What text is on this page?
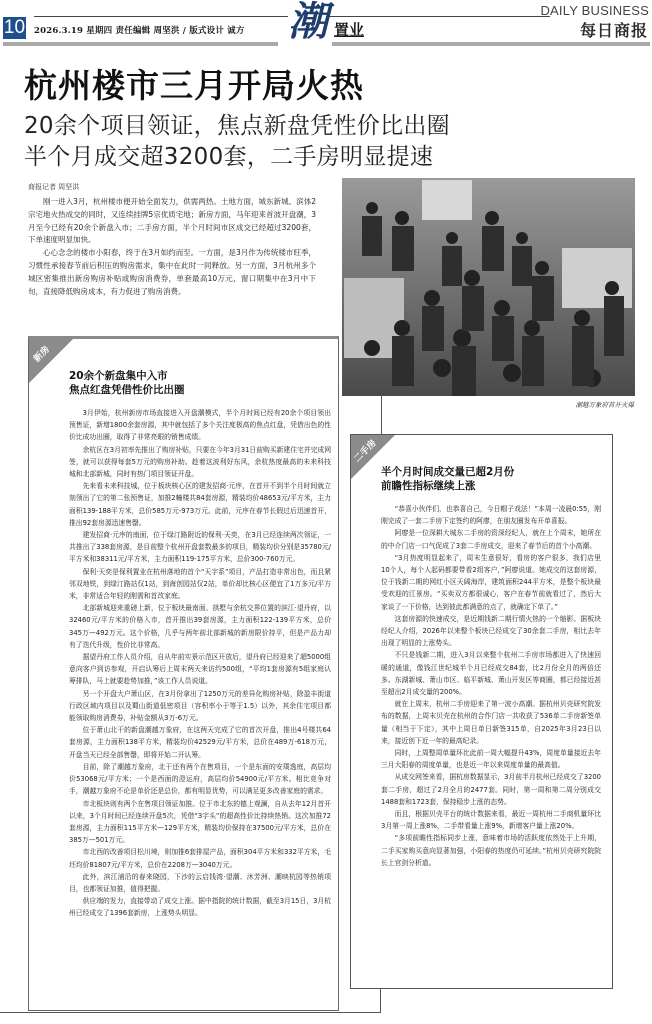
10 2026.3.19 星期四 责任编辑 周坚洪 / 版式设计 诚方 潮 置业
DAILY BUSINESS
每日商报
杭州楼市三月开局火热
20余个项目领证，焦点新盘凭性价比出圈
半个月成交超3200套，二手房明显提速
商报记者 周坚洪

刚一进入3月，杭州楼市便开始全面发力，供需两热。土地方面，城东新城、滨体2宗宅地火热成交的同时，又连续挂牌5宗优质宅地；新房方面，马年迎来首波开盘潮，3月至今已经有20余个新盘入市；二手房方面，半个月时间市区成交已经超过3200套，下单速度明显加快。

心心念念的楼市小阳春，终于在3月如约而至。一方面，是3月作为传统楼市旺季，习惯性承接春节前后积压的购房需求，集中在此时一同释放。另一方面，3月杭州多个城区密集推出新房购房补贴或购房消费券，单套最高10万元，窗口期集中在3月中下旬，直接降低购房成本，有力促进了购房消费。

潮越万象府首开火爆
新房
20余个新盘集中入市
焦点红盘凭借性价比出圈

3月伊始，杭州新房市场直接进入开盘潮模式，半个月时间已经有20余个项目领出预售证，新增1800余套房源，其中就包括了多个关注度极高的焦点红盘，凭借出色的性价比成功出圈，取得了非常亮眼的销售成绩。

余杭区在3月初率先推出了购房补贴，只要在今年3月31日前购买新建住宅并完成网签，就可以获得每套5万元的购房补助。趁着这波利好东风，余杭热度最高的未来科技城和北部新城，同时有热门项目领证开盘。

先来看未来科技城，位于板块核心区的建发招商·元序，在首开不到半个月时间就立刻领出了它的第二张预售证，加推2幢楼共84套房源，精装均价48653元/平方米，主力面积139-188平方米，总价585万元-973万元。此前，元序在春节长假过后迅速首开，推出92套房源迅速售罄。

建发招商·元序的南面，位于绿汀路附近的保利·天奕，在3月已经连续两次领证，一共推出了338套房源，是目前整个杭州开盘套数最多的项目，精装均价分别是35780元/平方米和38311元/平方米，主力面积119-175平方米，总价300-760万元。

保利·天奕是保利置业在杭州落地的首个“天字系”项目，产品打造非常出色，而且紧邻双地铁，到绿汀路站仅1站，到海创园站仅2站，单价却比核心区便宜了1万多元/平方米，非常适合年轻的刚需和首改家庭。

北部新城迎来重磅上新，位于板块最南面、拱墅与余杭交界位置的滨江·望丹府，以32460元/平方米的价格入市，首开推出39套房源，主力面积122-139平方米，总价345万—492万元。这个价格，几乎与两年前北部新城的新房限价持平，但是产品力却有了迭代升级，性价比非常高。

据望丹府工作人员介绍，自从年前实景示范区开放后，望丹府已经迎来了超5000组意向客户到访参观，开启认筹后上周末两天来访约500组，“平均1套房源有5组家庭认筹排队，马上就要趁势加推，”该工作人员说道。

另一个开盘大户萧山区，在3月份拿出了1250万元的差异化购房补贴，除盈丰街道行政区域内项目以及蜀山街道低密项目（容积率小于等于1.5）以外，其余住宅项目都能领取购房消费券，补贴金额从3万-6万元。

位于萧山北干的新盘潮越万象府，在这两天完成了它的首次开盘，推出4号楼共64套房源，主力面积138平方米，精装均价42529元/平方米，总价在489万-618万元，开盘当天已经全部售罄，即将开始二开认筹。

目前，除了潮越万象府，北干还有两个在售项目，一个是东面的安璞逸庭，高层均价53068元/平方米；一个是西面的澄运府，高层均价54900元/平方米。相比竞争对手，潮越万象府不论是单价还是总价，都有明显优势，可以满足更多改善家庭的需求。

市北板块则有两个在售项目领证加推。位于市北东的德上观澜，自从去年12月首开以来，3个月时间已经连续开盘5次，凭借“3字头”的超高性价比持续热销。这次加推72套房源，主力面积115平方米—129平方米，精装均价保持在37500元/平方米，总价在385万—501万元。

市北西的改善项目松川境，则加推6套排屋产品，面积304平方米和332平方米，毛坯均价81807元/平方米，总价在2208万—3040万元。

此外，滨江浦沿的春来晓园，下沙的云启钱湾·望潮、沐芳洲、潮映杭园等热销项目，也都领证加推，值得把握。

供应端的发力，直接带动了成交上涨。据中指院的统计数据，截至3月15日，3月杭州已经成交了1396套新房，上涨势头明显。

二手房
半个月时间成交量已超2月份
前瞻性指标继续上涨

“恭喜小伙伴们，也恭喜自己，今日帽子戏法！”本周一凌晨0:55，刚刚完成了一套二手房下定签约的阿廖，在朋友圈发布开单喜报。

阿廖是一位深耕大城东二手房的资深经纪人，就在上个周末，她所在的中介门店一口气促成了3套二手房成交，迎来了春节后的首个小高潮。

“3月热度明显起来了，周末生意很好，看房的客户很多，我们店里10个人，每个人起码都要带看2组客户，”阿廖说道。她成交的这套房源，位于钱新二期的网红小区天阔海岸，建筑面积244平方米，是整个板块最受欢迎的江景房。“买卖双方都很诚心，客户在春节前就看过了，然后大家谈了一下价格，达到彼此都满意的点了，就确定下单了。”

这套房源的快速成交，是近期钱新二期行情火热的一个缩影。据板块经纪人介绍，2026年以来整个板块已经成交了30余套二手房，相比去年出现了明显的上涨势头。

不只是钱新二期，进入3月以来整个杭州二手房市场都进入了快速回暖的通道，像钱江世纪城半个月已经成交84套，比2月份全月的两倍还多。东湖新城、萧山市区、临平新城、萧山开发区等商圈，都已经接近甚至超出2月成交量的200%。

就在上周末，杭州二手房迎来了第一波小高潮。据杭州贝壳研究院发布的数据，上周末贝壳在杭州的合作门店一共收获了536单二手房新签单量（相当于下定），其中上周日单日新签315单，自2025年3月23日以来，接近创下近一年的最高纪录。

同时，上周整周单量环比此前一周大幅提升43%，周度单量接近去年三月大阳春的周度单量，也是近一年以来周度单量的最高值。

从成交网签来看，据杭房数据显示，3月前半月杭州已经成交了3200套二手房，超过了2月全月的2477套。同时，第一周和第二周分别成交1488套和1723套，保持稳步上涨的态势。

而且，根据贝壳平台的统计数据来看，最近一周杭州二手商机量环比3月第一周上涨8%，二手带看量上涨9%，新增客户量上涨20%。

“多项前瞻性指标同步上涨，意味着市场的活跃度依然处于上升期，二手买家购买意向显著加强，小阳春的热度仍可延续。”杭州贝壳研究院院长上官剑分析道。
